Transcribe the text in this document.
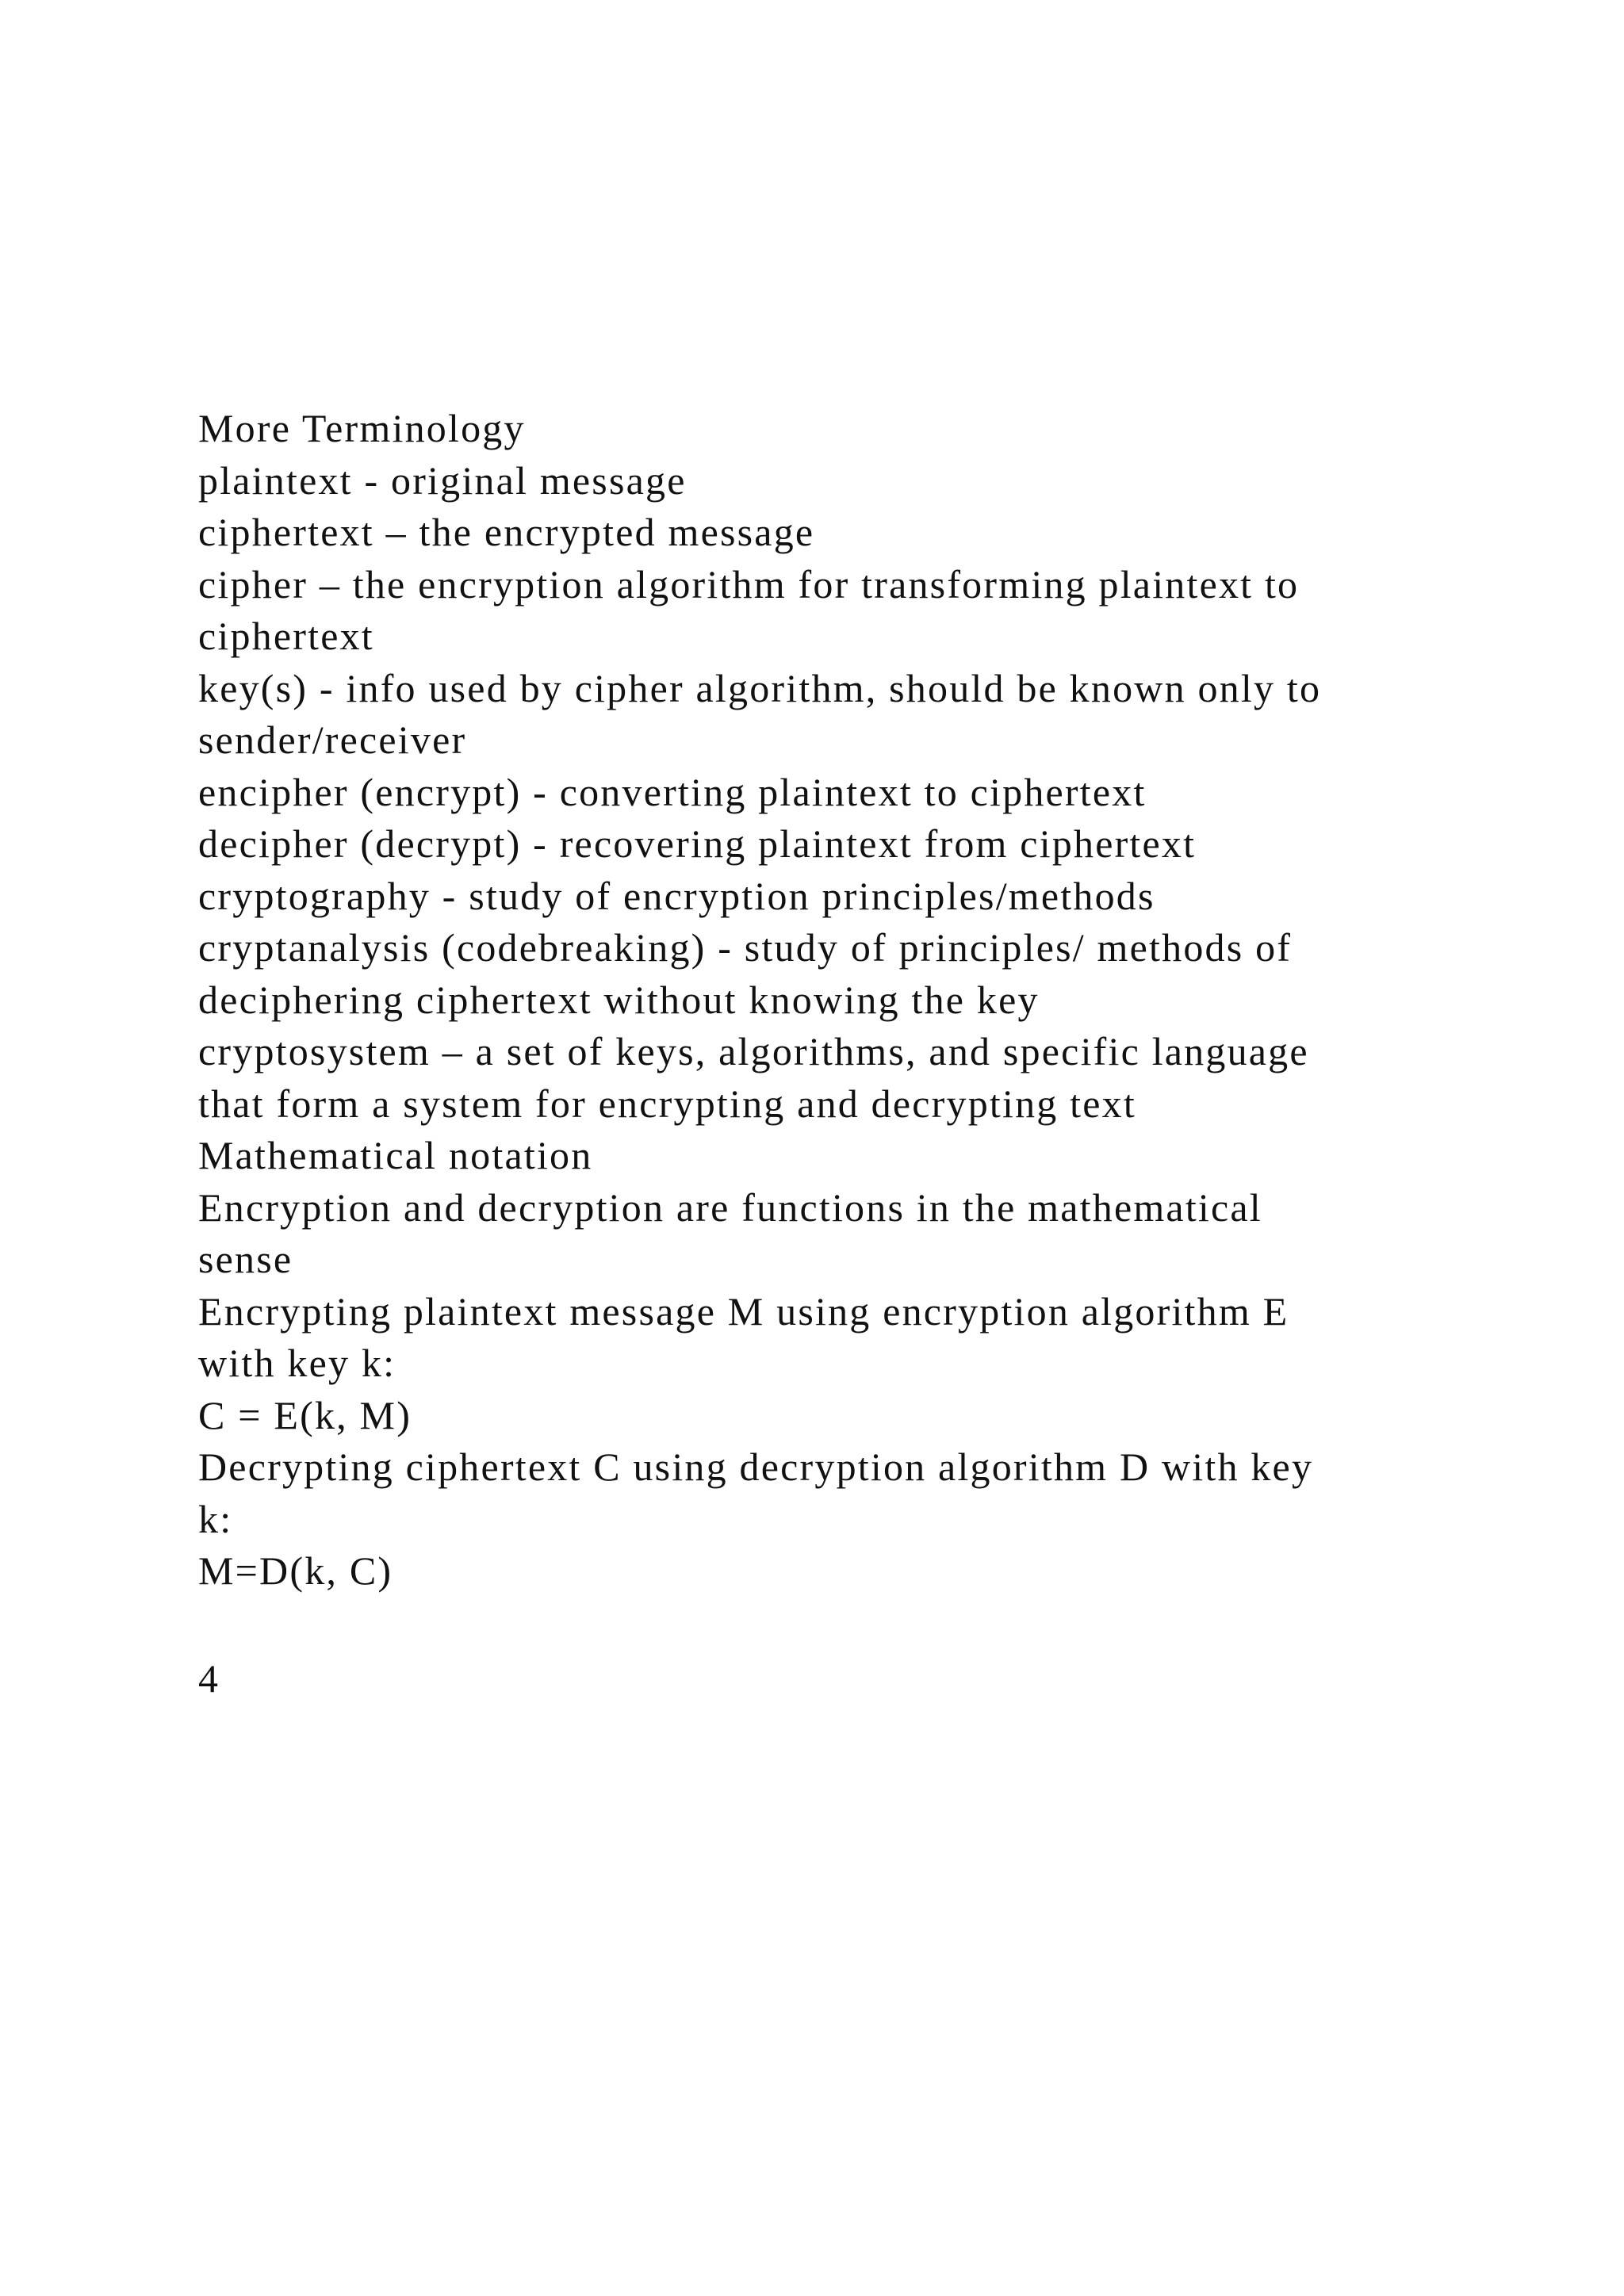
More Terminology
plaintext - original message
ciphertext – the encrypted message
cipher – the encryption algorithm for transforming plaintext to
ciphertext
key(s) - info used by cipher algorithm, should be known only to
sender/receiver
encipher (encrypt) - converting plaintext to ciphertext
decipher (decrypt) - recovering plaintext from ciphertext
cryptography - study of encryption principles/methods
cryptanalysis (codebreaking) - study of principles/ methods of
deciphering ciphertext without knowing the key
cryptosystem – a set of keys, algorithms, and specific language
that form a system for encrypting and decrypting text
Mathematical notation
Encryption and decryption are functions in the mathematical
sense
Encrypting plaintext message M using encryption algorithm E
with key k:
C = E(k, M)
Decrypting ciphertext C using decryption algorithm D with key
k:
M=D(k, C)
4
